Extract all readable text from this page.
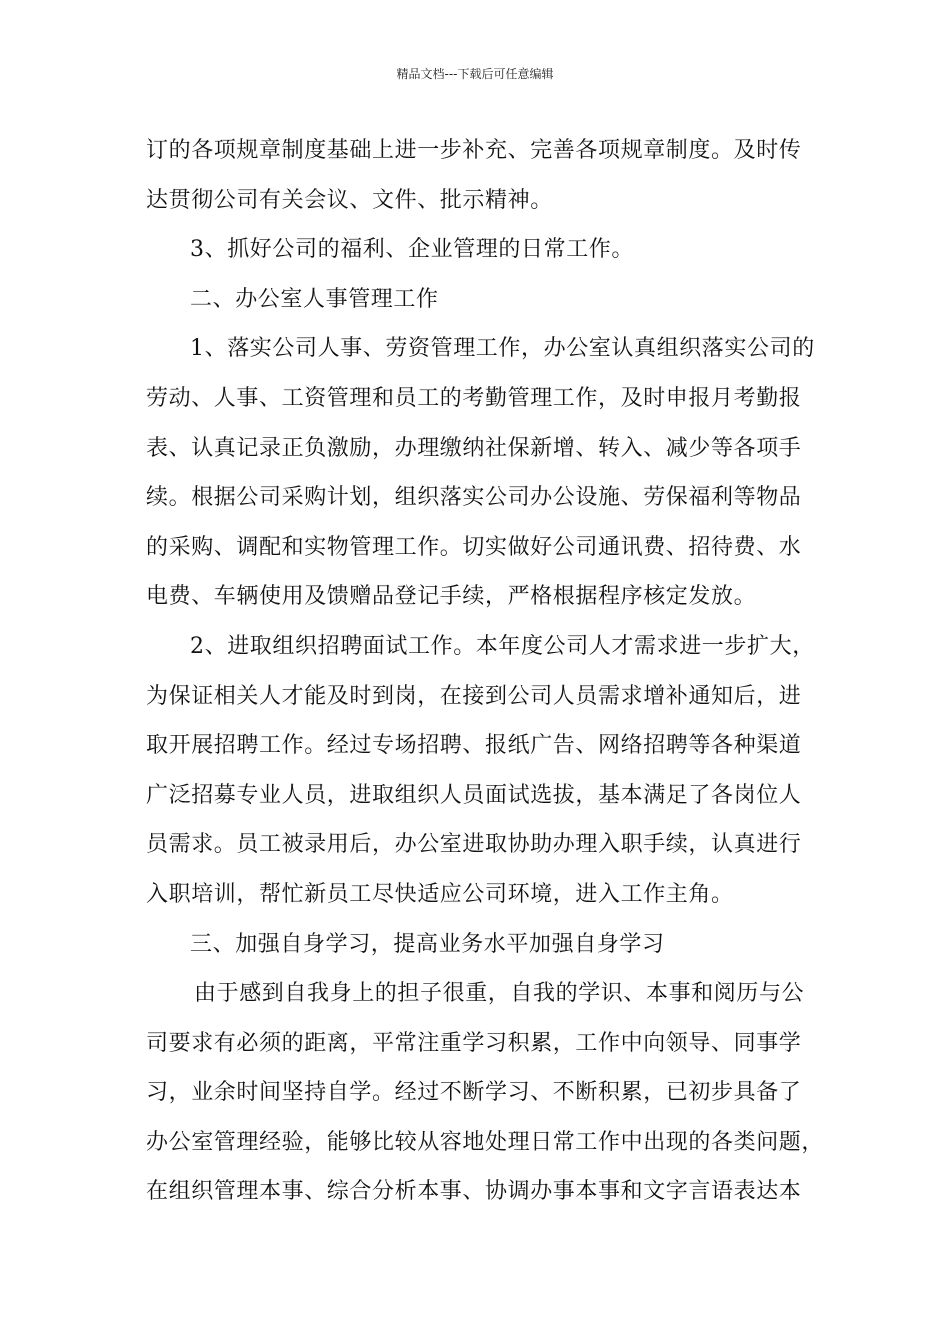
精品文档---下载后可任意编辑
订的各项规章制度基础上进一步补充、完善各项规章制度。及时传
达贯彻公司有关会议、文件、批示精神。
3、抓好公司的福利、企业管理的日常工作。
二、办公室人事管理工作
1、落实公司人事、劳资管理工作，办公室认真组织落实公司的
劳动、人事、工资管理和员工的考勤管理工作，及时申报月考勤报
表、认真记录正负激励，办理缴纳社保新增、转入、减少等各项手
续。根据公司采购计划，组织落实公司办公设施、劳保福利等物品
的采购、调配和实物管理工作。切实做好公司通讯费、招待费、水
电费、车辆使用及馈赠品登记手续，严格根据程序核定发放。
2、进取组织招聘面试工作。本年度公司人才需求进一步扩大，
为保证相关人才能及时到岗，在接到公司人员需求增补通知后，进
取开展招聘工作。经过专场招聘、报纸广告、网络招聘等各种渠道
广泛招募专业人员，进取组织人员面试选拔，基本满足了各岗位人
员需求。员工被录用后，办公室进取协助办理入职手续，认真进行
入职培训，帮忙新员工尽快适应公司环境，进入工作主角。
三、加强自身学习，提高业务水平加强自身学习
由于感到自我身上的担子很重，自我的学识、本事和阅历与公
司要求有必须的距离，平常注重学习积累，工作中向领导、同事学
习，业余时间坚持自学。经过不断学习、不断积累，已初步具备了
办公室管理经验，能够比较从容地处理日常工作中出现的各类问题，
在组织管理本事、综合分析本事、协调办事本事和文字言语表达本
